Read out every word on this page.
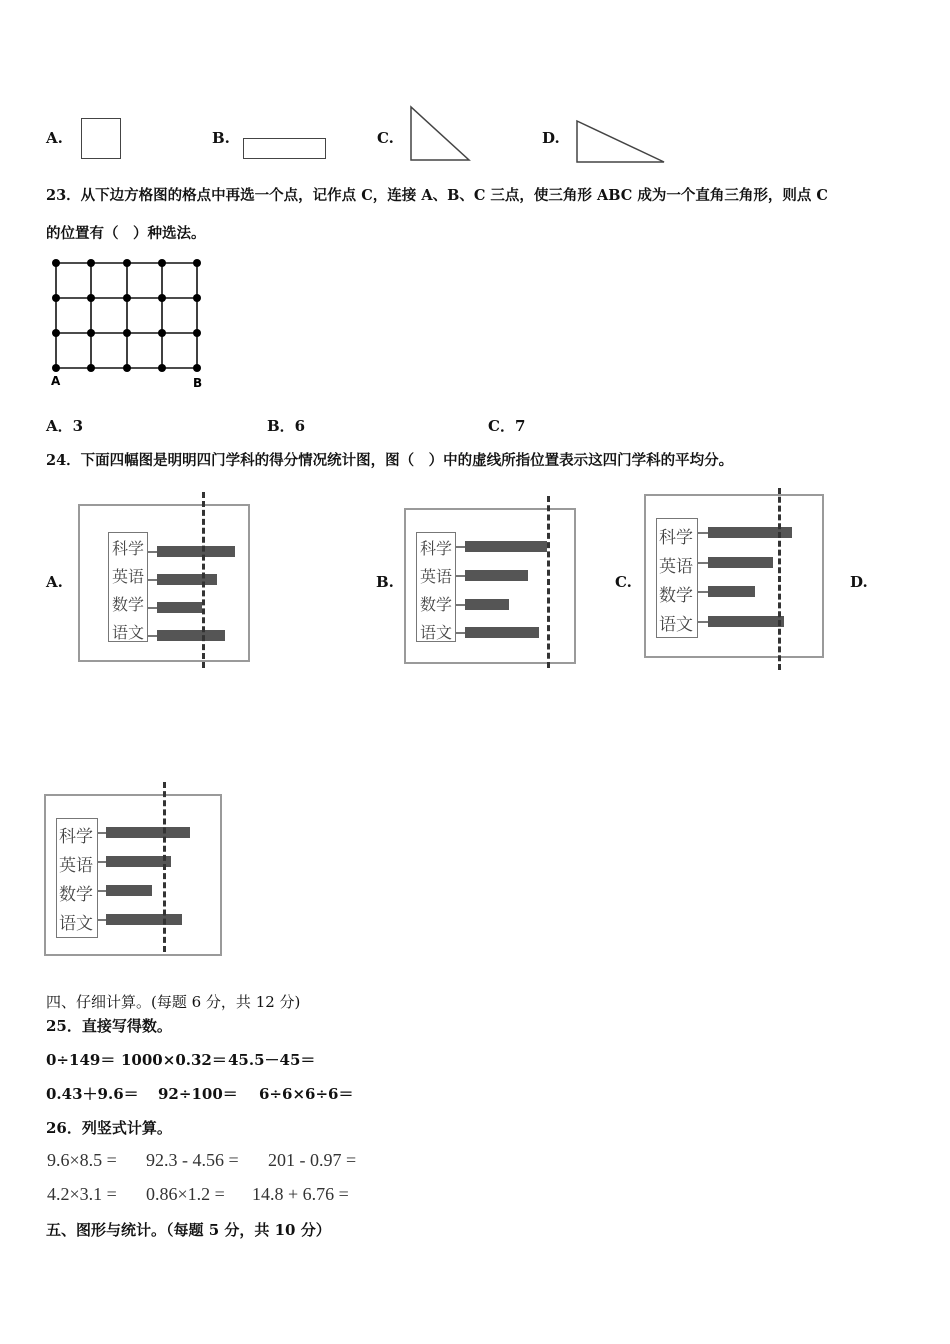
A.	B.	C.	D.
23．从下边方格图的格点中再选一个点，记作点 C，连接 A、B、C 三点，使三角形 ABC 成为一个直角三角形，则点 C
的位置有（　）种选法。
A	B
A．3	B．6	C．7
24．下面四幅图是明明四门学科的得分情况统计图，图（　）中的虚线所指位置表示这四门学科的平均分。
A.	B.	C.	D.
科学
英语
数学
语文
科学
英语
数学
语文
科学
英语
数学
语文
科学
英语
数学
语文
四、仔细计算。(每题 6 分，共 12 分)
25．直接写得数。
0÷149＝ 1000×0.32＝ 45.5－45＝
0.43＋9.6＝ 92÷100＝ 6÷6×6÷6＝
26．列竖式计算。
9.6×8.5 = 92.3 - 4.56 = 201 - 0.97 =
4.2×3.1 = 0.86×1.2 = 14.8 + 6.76 =
五、图形与统计。（每题 5 分，共 10 分）
